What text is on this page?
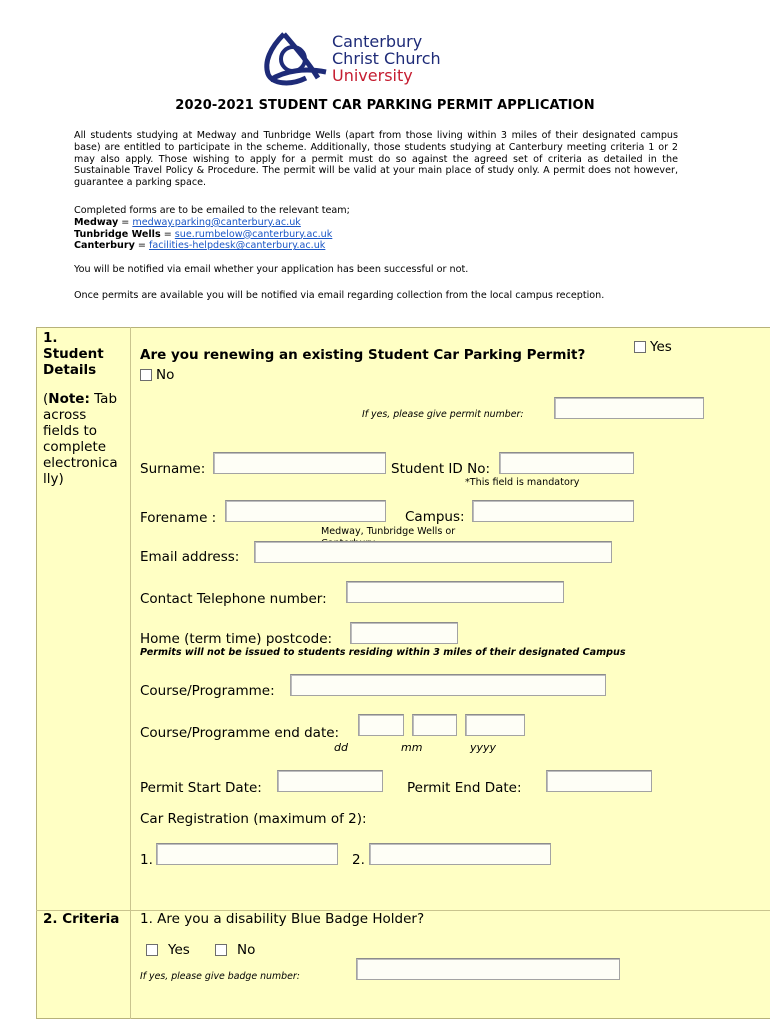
Canterbury
Christ Church
University
2020-2021 STUDENT CAR PARKING PERMIT APPLICATION
All students studying at Medway and Tunbridge Wells (apart from those living within 3 miles of their designated campus base) are entitled to participate in the scheme. Additionally, those students studying at Canterbury meeting criteria 1 or 2 may also apply. Those wishing to apply for a permit must do so against the agreed set of criteria as detailed in the Sustainable Travel Policy & Procedure. The permit will be valid at your main place of study only. A permit does not however, guarantee a parking space.
Completed forms are to be emailed to the relevant team;
Medway = medway.parking@canterbury.ac.uk
Tunbridge Wells = sue.rumbelow@canterbury.ac.uk
Canterbury = facilities-helpdesk@canterbury.ac.uk
You will be notified via email whether your application has been successful or not.
Once permits are available you will be notified via email regarding collection from the local campus reception.
1.
Student
Details
(Note: Tab
across
fields to
complete
electronica
lly)
Are you renewing an existing Student Car Parking Permit?	Yes
No
If yes, please give permit number:
Surname:	Student ID No:
*This field is mandatory
Forename :	Campus:
Medway, Tunbridge Wells or
Email address:
Contact Telephone number:
Home (term time) postcode:
Permits will not be issued to students residing within 3 miles of their designated Campus
Course/Programme:
Course/Programme end date:
dd	mm	yyyy
Permit Start Date:	Permit End Date:
Car Registration (maximum of 2):
1.	2.
2. Criteria 1. Are you a disability Blue Badge Holder?
Yes	No
If yes, please give badge number:
